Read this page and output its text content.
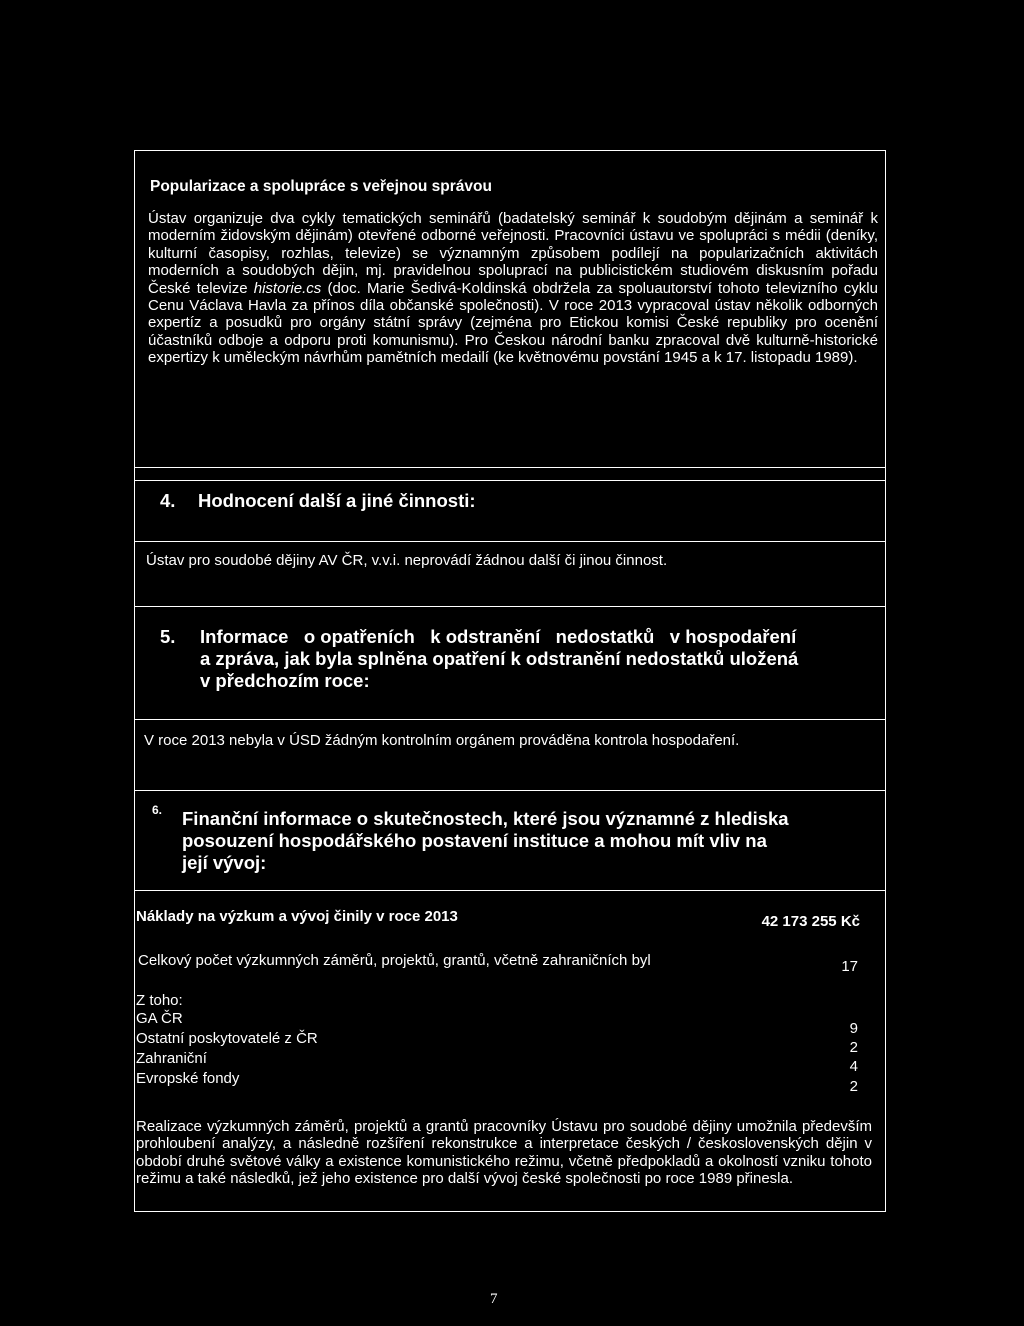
Popularizace a spolupráce s veřejnou správou
Ústav organizuje dva cykly tematických seminářů (badatelský seminář k soudobým dějinám a seminář k moderním židovským dějinám) otevřené odborné veřejnosti. Pracovníci ústavu ve spolupráci s médii (deníky, kulturní časopisy, rozhlas, televize) se významným způsobem podílejí na popularizačních aktivitách moderních a soudobých dějin, mj. pravidelnou spoluprací na publicistickém studiovém diskusním pořadu České televize historie.cs (doc. Marie Šedivá-Koldinská obdržela za spoluautorství tohoto televizního cyklu Cenu Václava Havla za přínos díla občanské společnosti). V roce 2013 vypracoval ústav několik odborných expertíz a posudků pro orgány státní správy (zejména pro Etickou komisi České republiky pro ocenění účastníků odboje a odporu proti komunismu). Pro Českou národní banku zpracoval dvě kulturně-historické expertizy k uměleckým návrhům pamětních medailí (ke květnovému povstání 1945 a k 17. listopadu 1989).
4. Hodnocení další a jiné činnosti:
Ústav pro soudobé dějiny AV ČR, v.v.i. neprovádí žádnou další či jinou činnost.
5. Informace   o opatřeních   k odstranění   nedostatků   v hospodaření
a zpráva, jak byla splněna opatření k odstranění nedostatků uložená
v předchozím roce:
V roce 2013 nebyla v ÚSD žádným kontrolním orgánem prováděna kontrola hospodaření.
6. Finanční informace o skutečnostech, které jsou významné z hlediska
posouzení hospodářského postavení instituce a mohou mít vliv na
její vývoj:
Náklady na výzkum a vývoj činily v roce 2013	42 173 255 Kč
Celkový počet výzkumných záměrů, projektů, grantů, včetně zahraničních byl	17
Z toho:
GA ČR
Ostatní poskytovatelé z ČR
Zahraniční
Evropské fondy
9
2
4
2
Realizace výzkumných záměrů, projektů a grantů pracovníky Ústavu pro soudobé dějiny umožnila především prohloubení analýzy, a následně rozšíření rekonstrukce a interpretace českých / československých dějin v období druhé světové války a existence komunistického režimu, včetně předpokladů a okolností vzniku tohoto režimu a také následků, jež jeho existence pro další vývoj české společnosti po roce 1989 přinesla.
7
